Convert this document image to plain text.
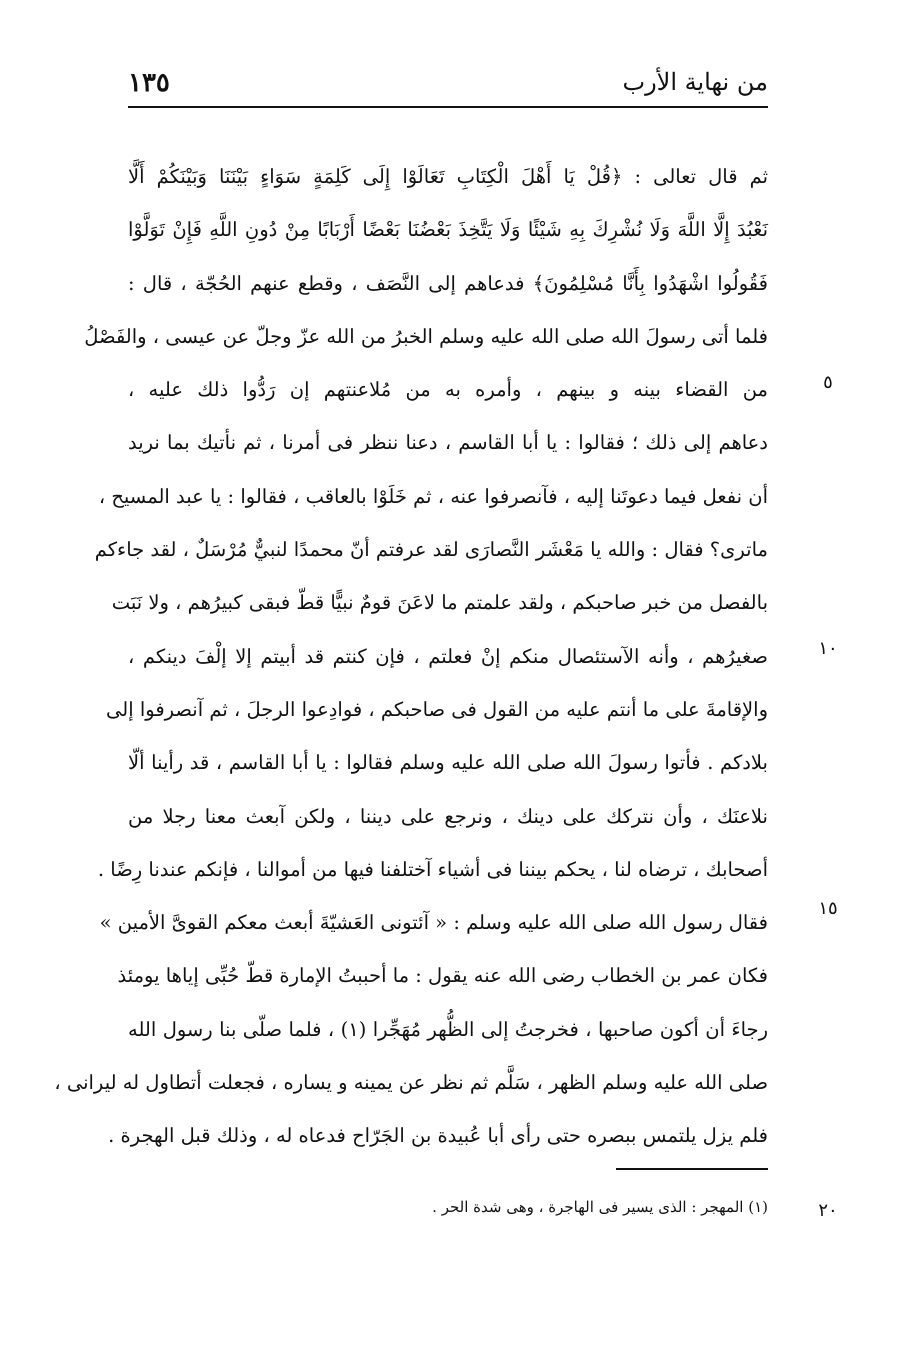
من نهاية الأرب
١٣٥
ثم قال تعالى : ﴿قُلْ يَا أَهْلَ الْكِتَابِ تَعَالَوْا إِلَى كَلِمَةٍ سَوَاءٍ بَيْنَنَا وَبَيْنَكُمْ أَلَّا
نَعْبُدَ إِلَّا اللَّهَ وَلَا نُشْرِكَ بِهِ شَيْئًا وَلَا يَتَّخِذَ بَعْضُنَا بَعْضًا أَرْبَابًا مِنْ دُونِ اللَّهِ فَإِنْ تَوَلَّوْا
فَقُولُوا اشْهَدُوا بِأَنَّا مُسْلِمُونَ﴾ فدعاهم إلى النَّصَف ، وقطع عنهم الحُجّة ، قال :
فلما أتى رسولَ الله صلى الله عليه وسلم الخبرُ من الله عزّ وجلّ عن عيسى ، والفَصْلُ
من القضاء بينه و بينهم ، وأمره به من مُلاعنتهم إن رَدُّوا ذلك عليه ،
دعاهم إلى ذلك ؛ فقالوا : يا أبا القاسم ، دعنا ننظر فى أمرنا ، ثم نأتيك بما نريد
أن نفعل فيما دعوتَنا إليه ، فآنصرفوا عنه ، ثم خَلَوْا بالعاقب ، فقالوا : يا عبد المسيح ،
ماترى؟ فقال : والله يا مَعْشَر النَّصارَى لقد عرفتم أنّ محمدًا لنبيٌّ مُرْسَلٌ ، لقد جاءكم
بالفصل من خبر صاحبكم ، ولقد علمتم ما لاعَنَ قومٌ نبيًّا قطّ فبقى كبيرُهم ، ولا نَبَت
صغيرُهم ، وأنه الآستئصال منكم إنْ فعلتم ، فإن كنتم قد أبيتم إلا إلْفَ دينكم ،
والإقامةَ على ما أنتم عليه من القول فى صاحبكم ، فوادِعوا الرجلَ ، ثم آنصرفوا إلى
بلادكم . فأتوا رسولَ الله صلى الله عليه وسلم فقالوا : يا أبا القاسم ، قد رأينا ألّا
نلاعنَك ، وأن نتركك على دينك ، ونرجع على ديننا ، ولكن آبعث معنا رجلا من
أصحابك ، ترضاه لنا ، يحكم بيننا فى أشياء آختلفنا فيها من أموالنا ، فإنكم عندنا رِضًا .
فقال رسول الله صلى الله عليه وسلم : « آئتونى العَشيّةَ أبعث معكم القوىَّ الأمين »
فكان عمر بن الخطاب رضى الله عنه يقول : ما أحببتُ الإمارة قطّ حُبِّى إياها يومئذ
رجاءَ أن أكون صاحبها ، فخرجتُ إلى الظُّهر مُهَجِّرا (١) ، فلما صلّى بنا رسول الله
صلى الله عليه وسلم الظهر ، سَلَّم ثم نظر عن يمينه و يساره ، فجعلت أتطاول له ليرانى ،
فلم يزل يلتمس ببصره حتى رأى أبا عُبيدة بن الجَرّاح فدعاه له ، وذلك قبل الهجرة .
٥
١٠
١٥
٢٠
(١) المهجر : الذى يسير فى الهاجرة ، وهى شدة الحر .
